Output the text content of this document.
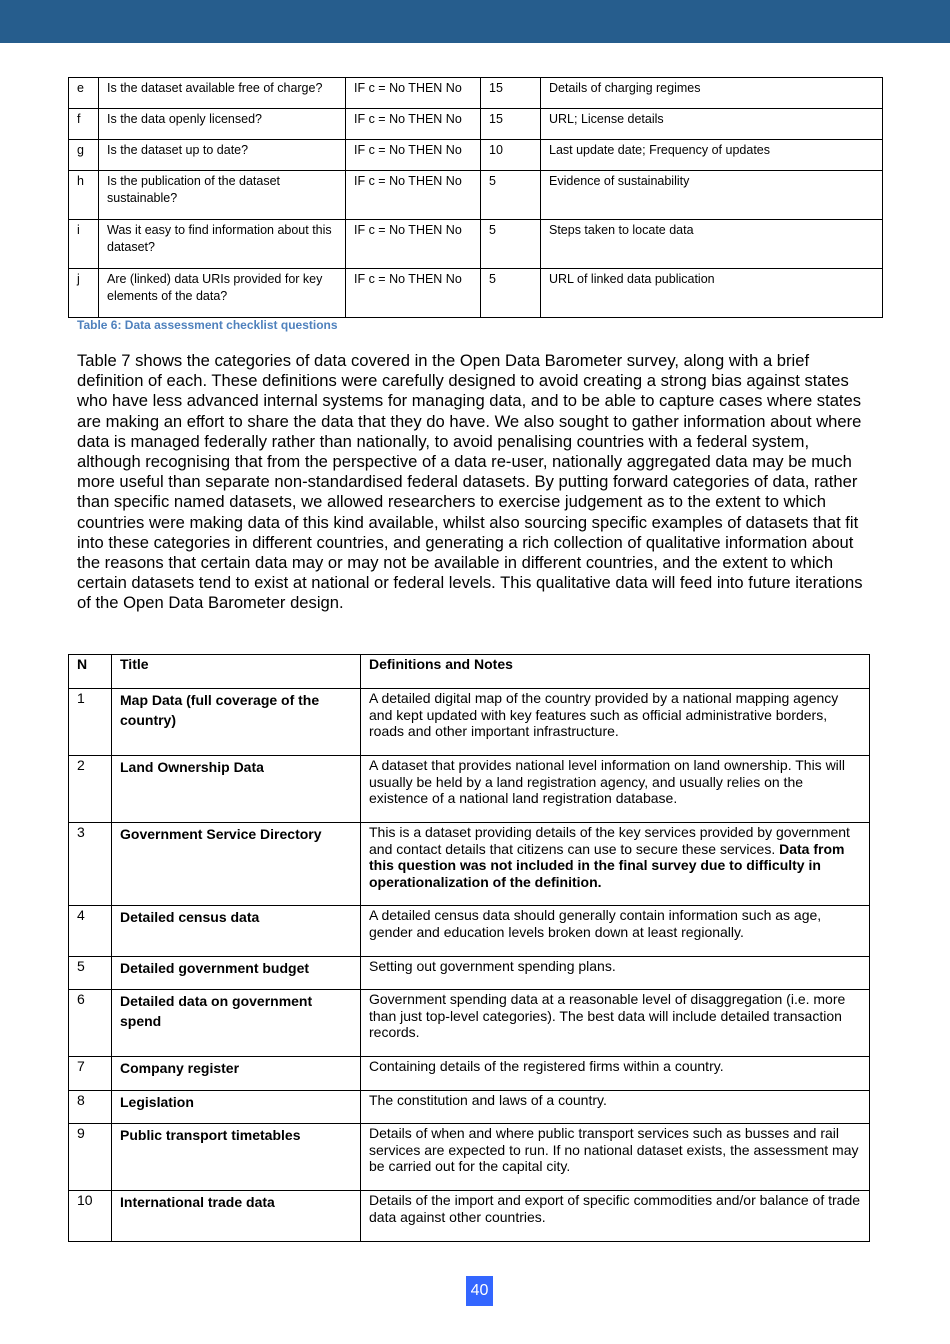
e	Is the dataset available free of charge?	IF c = No THEN No	15	Details of charging regimes
f	Is the data openly licensed?	IF c = No THEN No	15	URL; License details
g	Is the dataset up to date?	IF c = No THEN No	10	Last update date; Frequency of updates
h	Is the publication of the dataset sustainable?	IF c = No THEN No	5	Evidence of sustainability
i	Was it easy to find information about this dataset?	IF c = No THEN No	5	Steps taken to locate data
j	Are (linked) data URIs provided for key elements of the data?	IF c = No THEN No	5	URL of linked data publication
Table 6: Data assessment checklist questions
Table 7 shows the categories of data covered in the Open Data Barometer survey, along with a brief definition of each. These definitions were carefully designed to avoid creating a strong bias against states who have less advanced internal systems for managing data, and to be able to capture cases where states are making an effort to share the data that they do have. We also sought to gather information about where data is managed federally rather than nationally, to avoid penalising countries with a federal system, although recognising that from the perspective of a data re-user, nationally aggregated data may be much more useful than separate non-standardised federal datasets. By putting forward categories of data, rather than specific named datasets, we allowed researchers to exercise judgement as to the extent to which countries were making data of this kind available, whilst also sourcing specific examples of datasets that fit into these categories in different countries, and generating a rich collection of qualitative information about the reasons that certain data may or may not be available in different countries, and the extent to which certain datasets tend to exist at national or federal levels. This qualitative data will feed into future iterations of the Open Data Barometer design.
N	Title	Definitions and Notes
1	Map Data (full coverage of the country)	A detailed digital map of the country provided by a national mapping agency and kept updated with key features such as official administrative borders, roads and other important infrastructure.
2	Land Ownership Data	A dataset that provides national level information on land ownership. This will usually be held by a land registration agency, and usually relies on the existence of a national land registration database.
3	Government Service Directory	This is a dataset providing details of the key services provided by government and contact details that citizens can use to secure these services. Data from this question was not included in the final survey due to difficulty in operationalization of the definition.
4	Detailed census data	A detailed census data should generally contain information such as age, gender and education levels broken down at least regionally.
5	Detailed government budget	Setting out government spending plans.
6	Detailed data on government spend	Government spending data at a reasonable level of disaggregation (i.e. more than just top-level categories). The best data will include detailed transaction records.
7	Company register	Containing details of the registered firms within a country.
8	Legislation	The constitution and laws of a country.
9	Public transport timetables	Details of when and where public transport services such as busses and rail services are expected to run. If no national dataset exists, the assessment may be carried out for the capital city.
10	International trade data	Details of the import and export of specific commodities and/or balance of trade data against other countries.
40
